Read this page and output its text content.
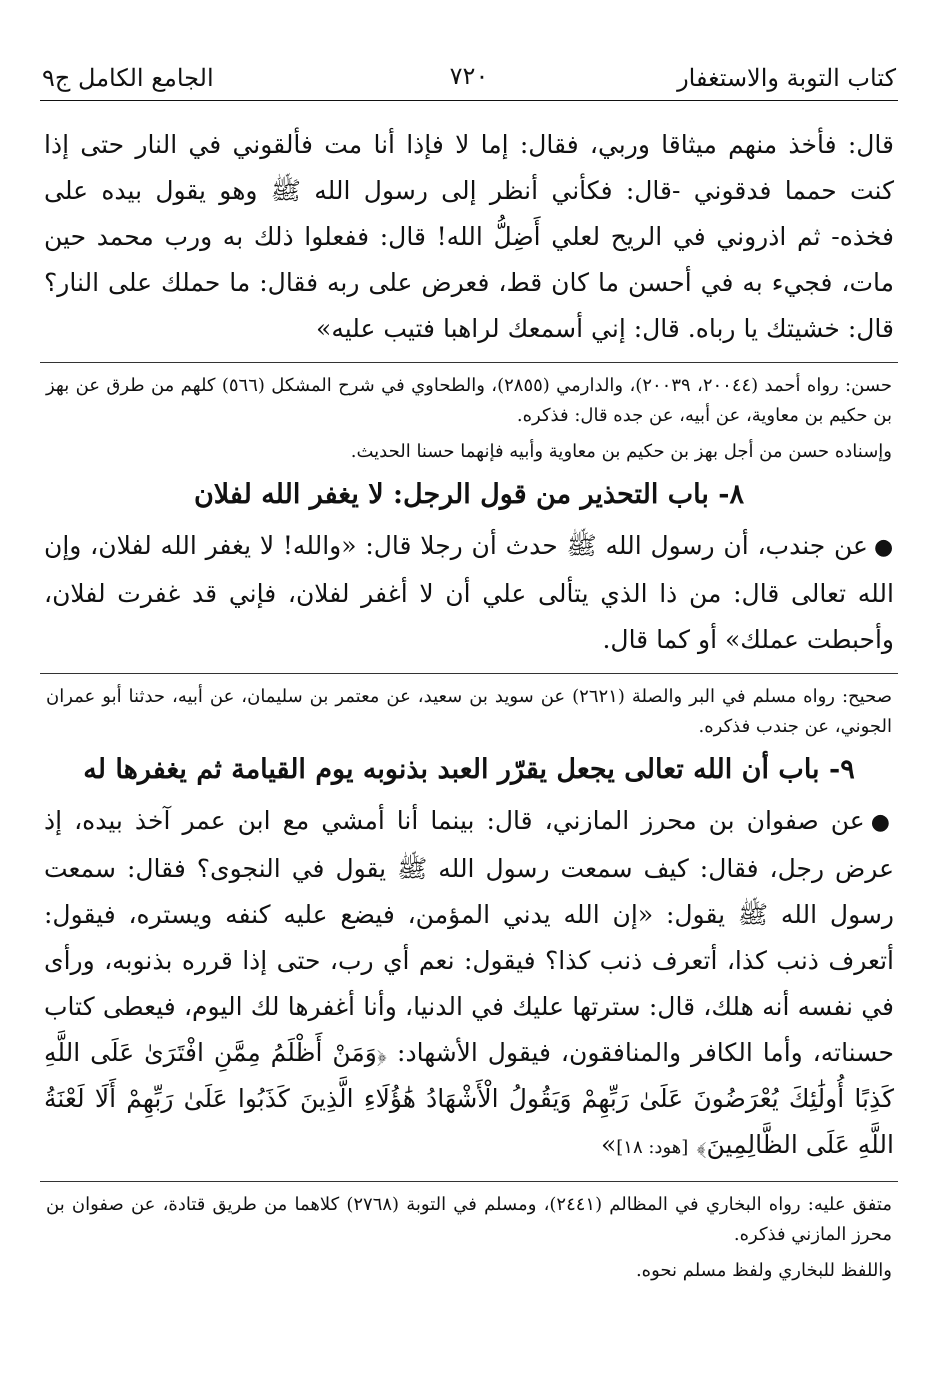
كتاب التوبة والاستغفار
٧٢٠
الجامع الكامل ج٩

قال: فأخذ منهم ميثاقا وربي، فقال: إما لا فإذا أنا مت فألقوني في النار حتى إذا كنت حمما فدقوني -قال: فكأني أنظر إلى رسول الله ﷺ وهو يقول بيده على فخذه- ثم اذروني في الريح لعلي أَضِلُّ الله! قال: ففعلوا ذلك به ورب محمد حين مات، فجيء به في أحسن ما كان قط، فعرض على ربه فقال: ما حملك على النار؟ قال: خشيتك يا رباه. قال: إني أسمعك لراهبا فتيب عليه»

حسن: رواه أحمد (٢٠٠٤٤، ٢٠٠٣٩)، والدارمي (٢٨٥٥)، والطحاوي في شرح المشكل (٥٦٦) كلهم من طرق عن بهز بن حكيم بن معاوية، عن أبيه، عن جده قال: فذكره.

وإسناده حسن من أجل بهز بن حكيم بن معاوية وأبيه فإنهما حسنا الحديث.

٨- باب التحذير من قول الرجل: لا يغفر الله لفلان

●عن جندب، أن رسول الله ﷺ حدث أن رجلا قال: «والله! لا يغفر الله لفلان، وإن الله تعالى قال: من ذا الذي يتألى علي أن لا أغفر لفلان، فإني قد غفرت لفلان، وأحبطت عملك» أو كما قال.

صحيح: رواه مسلم في البر والصلة (٢٦٢١) عن سويد بن سعيد، عن معتمر بن سليمان، عن أبيه، حدثنا أبو عمران الجوني، عن جندب فذكره.

٩- باب أن الله تعالى يجعل يقرّر العبد بذنوبه يوم القيامة ثم يغفرها له

●عن صفوان بن محرز المازني، قال: بينما أنا أمشي مع ابن عمر آخذ بيده، إذ عرض رجل، فقال: كيف سمعت رسول الله ﷺ يقول في النجوى؟ فقال: سمعت رسول الله ﷺ يقول: «إن الله يدني المؤمن، فيضع عليه كنفه ويستره، فيقول: أتعرف ذنب كذا، أتعرف ذنب كذا؟ فيقول: نعم أي رب، حتى إذا قرره بذنوبه، ورأى في نفسه أنه هلك، قال: سترتها عليك في الدنيا، وأنا أغفرها لك اليوم، فيعطى كتاب حسناته، وأما الكافر والمنافقون، فيقول الأشهاد: ﴿وَمَنْ أَظْلَمُ مِمَّنِ افْتَرَىٰ عَلَى اللَّهِ كَذِبًا أُولَٰئِكَ يُعْرَضُونَ عَلَىٰ رَبِّهِمْ وَيَقُولُ الْأَشْهَادُ هَٰؤُلَاءِ الَّذِينَ كَذَبُوا عَلَىٰ رَبِّهِمْ أَلَا لَعْنَةُ اللَّهِ عَلَى الظَّالِمِينَ﴾ [هود: ١٨]»

متفق عليه: رواه البخاري في المظالم (٢٤٤١)، ومسلم في التوبة (٢٧٦٨) كلاهما من طريق قتادة، عن صفوان بن محرز المازني فذكره.

واللفظ للبخاري ولفظ مسلم نحوه.
